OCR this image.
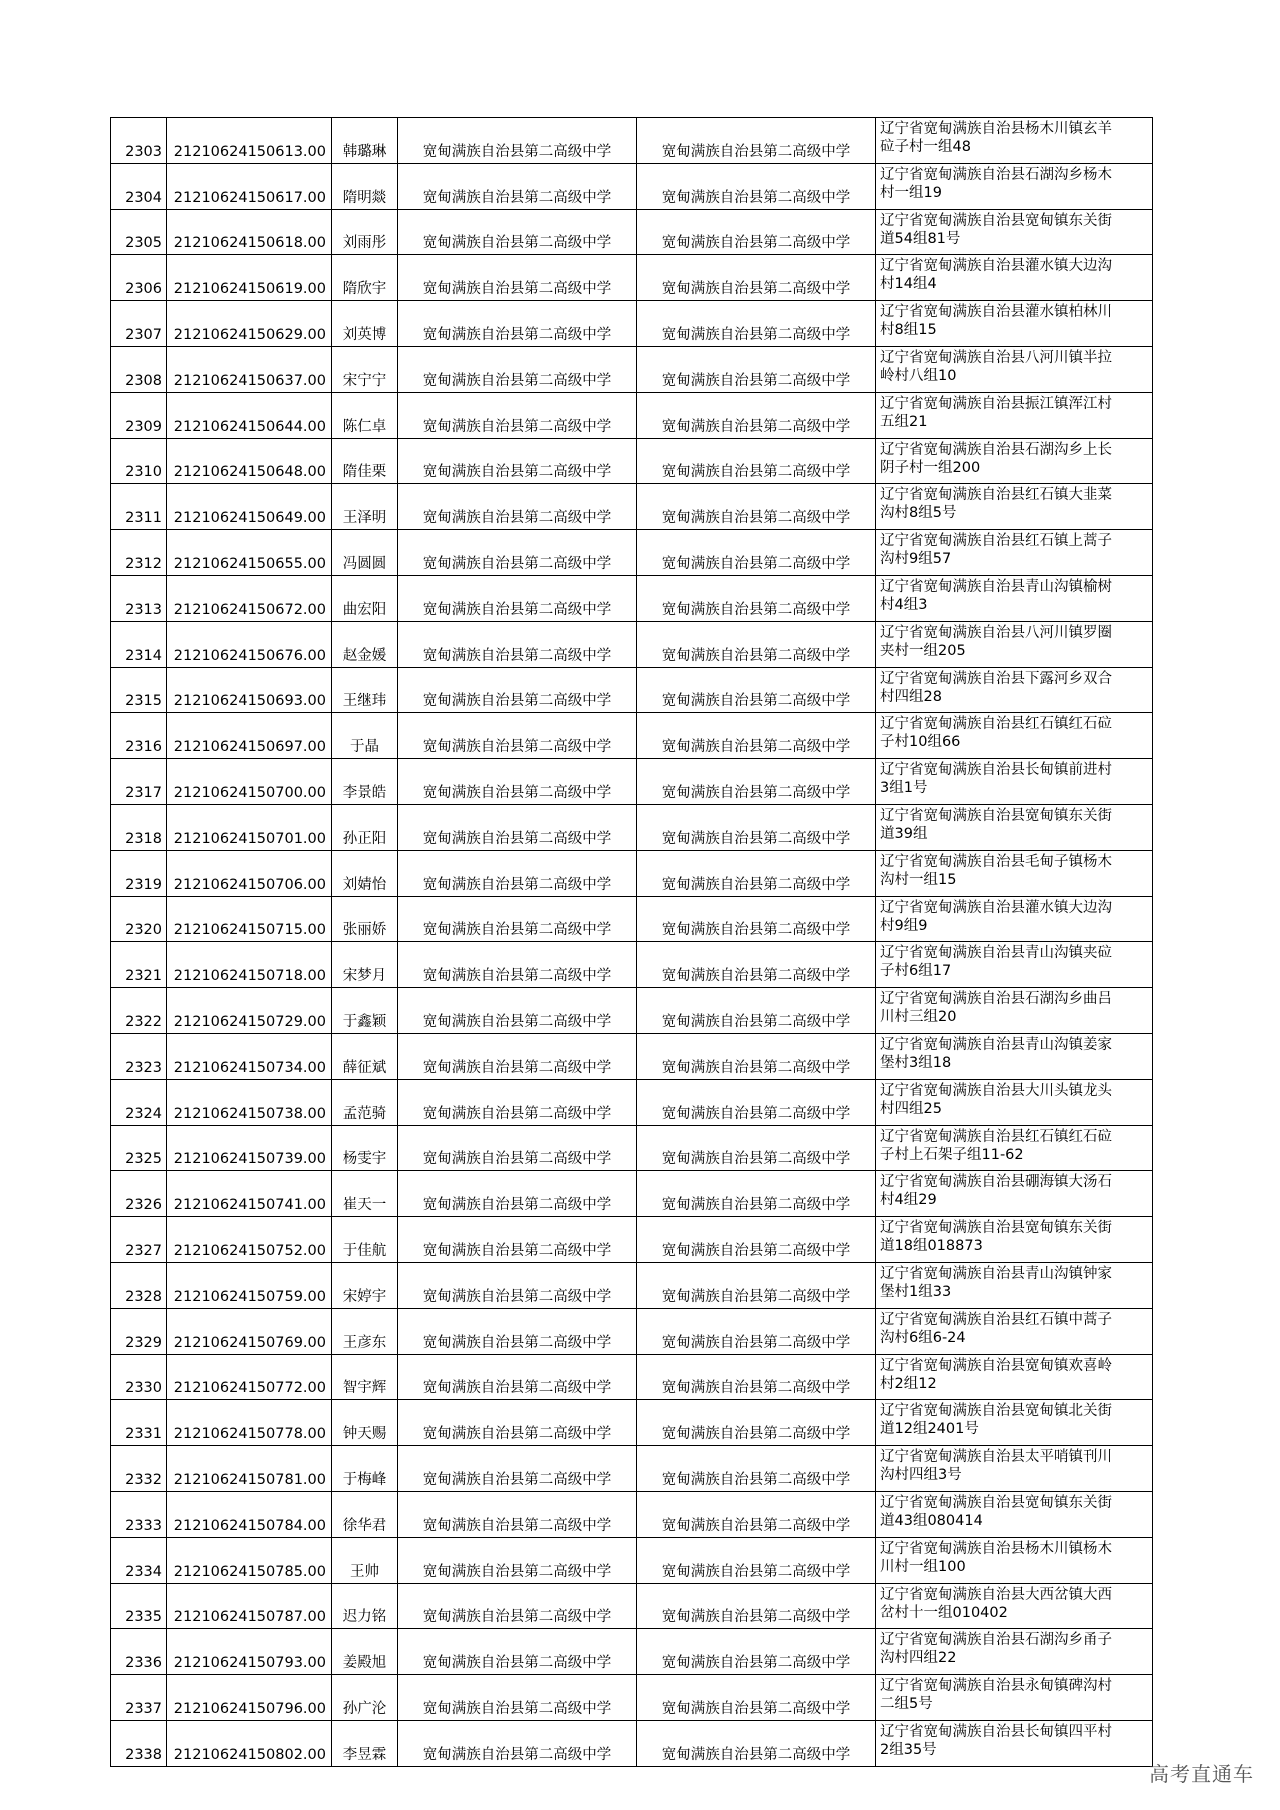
2303	21210624150613.00	韩璐琳	宽甸满族自治县第二高级中学	宽甸满族自治县第二高级中学	辽宁省宽甸满族自治县杨木川镇玄羊
砬子村一组48

2304	21210624150617.00	隋明燚	宽甸满族自治县第二高级中学	宽甸满族自治县第二高级中学	辽宁省宽甸满族自治县石湖沟乡杨木
村一组19

2305	21210624150618.00	刘雨彤	宽甸满族自治县第二高级中学	宽甸满族自治县第二高级中学	辽宁省宽甸满族自治县宽甸镇东关街
道54组81号

2306	21210624150619.00	隋欣宇	宽甸满族自治县第二高级中学	宽甸满族自治县第二高级中学	辽宁省宽甸满族自治县灌水镇大边沟
村14组4

2307	21210624150629.00	刘英博	宽甸满族自治县第二高级中学	宽甸满族自治县第二高级中学	辽宁省宽甸满族自治县灌水镇柏林川
村8组15

2308	21210624150637.00	宋宁宁	宽甸满族自治县第二高级中学	宽甸满族自治县第二高级中学	辽宁省宽甸满族自治县八河川镇半拉
岭村八组10

2309	21210624150644.00	陈仁卓	宽甸满族自治县第二高级中学	宽甸满族自治县第二高级中学	辽宁省宽甸满族自治县振江镇浑江村
五组21

2310	21210624150648.00	隋佳栗	宽甸满族自治县第二高级中学	宽甸满族自治县第二高级中学	辽宁省宽甸满族自治县石湖沟乡上长
阴子村一组200

2311	21210624150649.00	王泽明	宽甸满族自治县第二高级中学	宽甸满族自治县第二高级中学	辽宁省宽甸满族自治县红石镇大韭菜
沟村8组5号

2312	21210624150655.00	冯圆圆	宽甸满族自治县第二高级中学	宽甸满族自治县第二高级中学	辽宁省宽甸满族自治县红石镇上蒿子
沟村9组57

2313	21210624150672.00	曲宏阳	宽甸满族自治县第二高级中学	宽甸满族自治县第二高级中学	辽宁省宽甸满族自治县青山沟镇榆树
村4组3

2314	21210624150676.00	赵金媛	宽甸满族自治县第二高级中学	宽甸满族自治县第二高级中学	辽宁省宽甸满族自治县八河川镇罗圈
夹村一组205

2315	21210624150693.00	王继玮	宽甸满族自治县第二高级中学	宽甸满族自治县第二高级中学	辽宁省宽甸满族自治县下露河乡双合
村四组28

2316	21210624150697.00	于晶	宽甸满族自治县第二高级中学	宽甸满族自治县第二高级中学	辽宁省宽甸满族自治县红石镇红石砬
子村10组66

2317	21210624150700.00	李景皓	宽甸满族自治县第二高级中学	宽甸满族自治县第二高级中学	辽宁省宽甸满族自治县长甸镇前进村
3组1号

2318	21210624150701.00	孙正阳	宽甸满族自治县第二高级中学	宽甸满族自治县第二高级中学	辽宁省宽甸满族自治县宽甸镇东关街
道39组

2319	21210624150706.00	刘婧怡	宽甸满族自治县第二高级中学	宽甸满族自治县第二高级中学	辽宁省宽甸满族自治县毛甸子镇杨木
沟村一组15

2320	21210624150715.00	张丽娇	宽甸满族自治县第二高级中学	宽甸满族自治县第二高级中学	辽宁省宽甸满族自治县灌水镇大边沟
村9组9

2321	21210624150718.00	宋梦月	宽甸满族自治县第二高级中学	宽甸满族自治县第二高级中学	辽宁省宽甸满族自治县青山沟镇夹砬
子村6组17

2322	21210624150729.00	于鑫颖	宽甸满族自治县第二高级中学	宽甸满族自治县第二高级中学	辽宁省宽甸满族自治县石湖沟乡曲吕
川村三组20

2323	21210624150734.00	薛征斌	宽甸满族自治县第二高级中学	宽甸满族自治县第二高级中学	辽宁省宽甸满族自治县青山沟镇姜家
堡村3组18

2324	21210624150738.00	孟范骑	宽甸满族自治县第二高级中学	宽甸满族自治县第二高级中学	辽宁省宽甸满族自治县大川头镇龙头
村四组25

2325	21210624150739.00	杨雯宇	宽甸满族自治县第二高级中学	宽甸满族自治县第二高级中学	辽宁省宽甸满族自治县红石镇红石砬
子村上石架子组11-62

2326	21210624150741.00	崔天一	宽甸满族自治县第二高级中学	宽甸满族自治县第二高级中学	辽宁省宽甸满族自治县硼海镇大汤石
村4组29

2327	21210624150752.00	于佳航	宽甸满族自治县第二高级中学	宽甸满族自治县第二高级中学	辽宁省宽甸满族自治县宽甸镇东关街
道18组018873

2328	21210624150759.00	宋婷宇	宽甸满族自治县第二高级中学	宽甸满族自治县第二高级中学	辽宁省宽甸满族自治县青山沟镇钟家
堡村1组33

2329	21210624150769.00	王彦东	宽甸满族自治县第二高级中学	宽甸满族自治县第二高级中学	辽宁省宽甸满族自治县红石镇中蒿子
沟村6组6-24

2330	21210624150772.00	智宇辉	宽甸满族自治县第二高级中学	宽甸满族自治县第二高级中学	辽宁省宽甸满族自治县宽甸镇欢喜岭
村2组12

2331	21210624150778.00	钟天赐	宽甸满族自治县第二高级中学	宽甸满族自治县第二高级中学	辽宁省宽甸满族自治县宽甸镇北关街
道12组2401号

2332	21210624150781.00	于梅峰	宽甸满族自治县第二高级中学	宽甸满族自治县第二高级中学	辽宁省宽甸满族自治县太平哨镇刊川
沟村四组3号

2333	21210624150784.00	徐华君	宽甸满族自治县第二高级中学	宽甸满族自治县第二高级中学	辽宁省宽甸满族自治县宽甸镇东关街
道43组080414

2334	21210624150785.00	王帅	宽甸满族自治县第二高级中学	宽甸满族自治县第二高级中学	辽宁省宽甸满族自治县杨木川镇杨木
川村一组100

2335	21210624150787.00	迟力铭	宽甸满族自治县第二高级中学	宽甸满族自治县第二高级中学	辽宁省宽甸满族自治县大西岔镇大西
岔村十一组010402

2336	21210624150793.00	姜殿旭	宽甸满族自治县第二高级中学	宽甸满族自治县第二高级中学	辽宁省宽甸满族自治县石湖沟乡甬子
沟村四组22

2337	21210624150796.00	孙广沦	宽甸满族自治县第二高级中学	宽甸满族自治县第二高级中学	辽宁省宽甸满族自治县永甸镇碑沟村
二组5号

2338	21210624150802.00	李昱霖	宽甸满族自治县第二高级中学	宽甸满族自治县第二高级中学	辽宁省宽甸满族自治县长甸镇四平村
2组35号
高考直通车
